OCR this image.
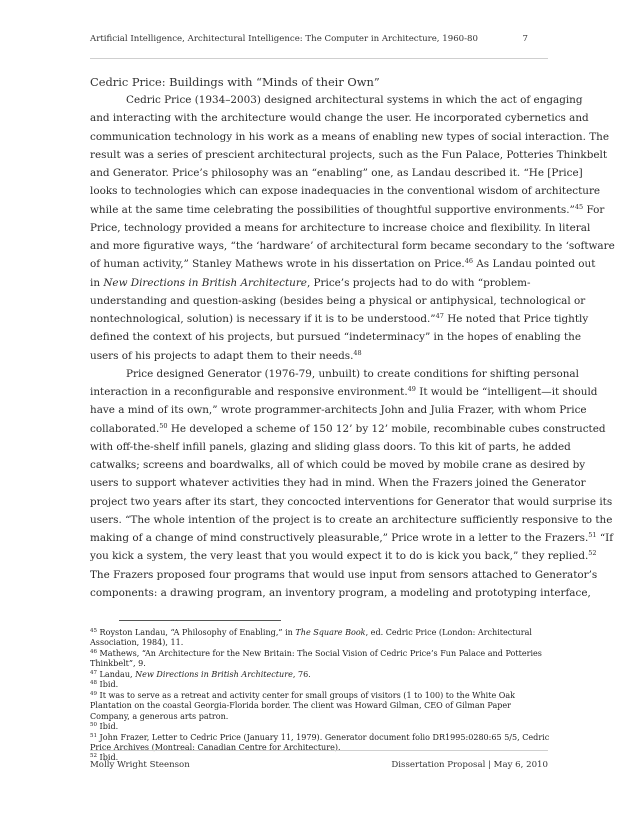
Artificial Intelligence, Architectural Intelligence: The Computer in Architecture, 1960-80	7
Cedric Price: Buildings with “Minds of their Own”
Cedric Price (1934–2003) designed architectural systems in which the act of engaging
and interacting with the architecture would change the user. He incorporated cybernetics and
communication technology in his work as a means of enabling new types of social interaction. The
result was a series of prescient architectural projects, such as the Fun Palace, Potteries Thinkbelt
and Generator. Price’s philosophy was an “enabling” one, as Landau described it. “He [Price]
looks to technologies which can expose inadequacies in the conventional wisdom of architecture
while at the same time celebrating the possibilities of thoughtful supportive environments.”$^{45}$ For
Price, technology provided a means for architecture to increase choice and flexibility. In literal
and more figurative ways, “the ‘hardware’ of architectural form became secondary to the ‘software
of human activity,” Stanley Mathews wrote in his dissertation on Price.$^{46}$ As Landau pointed out
in New Directions in British Architecture, Price’s projects had to do with “problem-
understanding and question-asking (besides being a physical or antiphysical, technological or
nontechnological, solution) is necessary if it is to be understood.”$^{47}$ He noted that Price tightly
defined the context of his projects, but pursued “indeterminacy” in the hopes of enabling the
users of his projects to adapt them to their needs.$^{48}$
Price designed Generator (1976-79, unbuilt) to create conditions for shifting personal
interaction in a reconfigurable and responsive environment.$^{49}$ It would be “intelligent—it should
have a mind of its own,” wrote programmer-architects John and Julia Frazer, with whom Price
collaborated.$^{50}$ He developed a scheme of 150 12’ by 12’ mobile, recombinable cubes constructed
with off-the-shelf infill panels, glazing and sliding glass doors. To this kit of parts, he added
catwalks; screens and boardwalks, all of which could be moved by mobile crane as desired by
users to support whatever activities they had in mind. When the Frazers joined the Generator
project two years after its start, they concocted interventions for Generator that would surprise its
users. “The whole intention of the project is to create an architecture sufficiently responsive to the
making of a change of mind constructively pleasurable,” Price wrote in a letter to the Frazers.$^{51}$ “If
you kick a system, the very least that you would expect it to do is kick you back,” they replied.$^{52}$
The Frazers proposed four programs that would use input from sensors attached to Generator’s
components: a drawing program, an inventory program, a modeling and prototyping interface,

$^{45}$ Royston Landau, “A Philosophy of Enabling,” in The Square Book, ed. Cedric Price (London: Architectural Association, 1984), 11.

$^{46}$ Mathews, “An Architecture for the New Britain: The Social Vision of Cedric Price’s Fun Palace and Potteries Thinkbelt”, 9.

$^{47}$ Landau, New Directions in British Architecture, 76.

$^{48}$ Ibid.

$^{49}$ It was to serve as a retreat and activity center for small groups of visitors (1 to 100) to the White Oak Plantation on the coastal Georgia-Florida border. The client was Howard Gilman, CEO of Gilman Paper Company, a generous arts patron.

$^{50}$ Ibid.

$^{51}$ John Frazer, Letter to Cedric Price (January 11, 1979). Generator document folio DR1995:0280:65 5/5, Cedric Price Archives (Montreal: Canadian Centre for Architecture).

$^{52}$ Ibid.

Molly Wright Steenson	Dissertation Proposal | May 6, 2010
